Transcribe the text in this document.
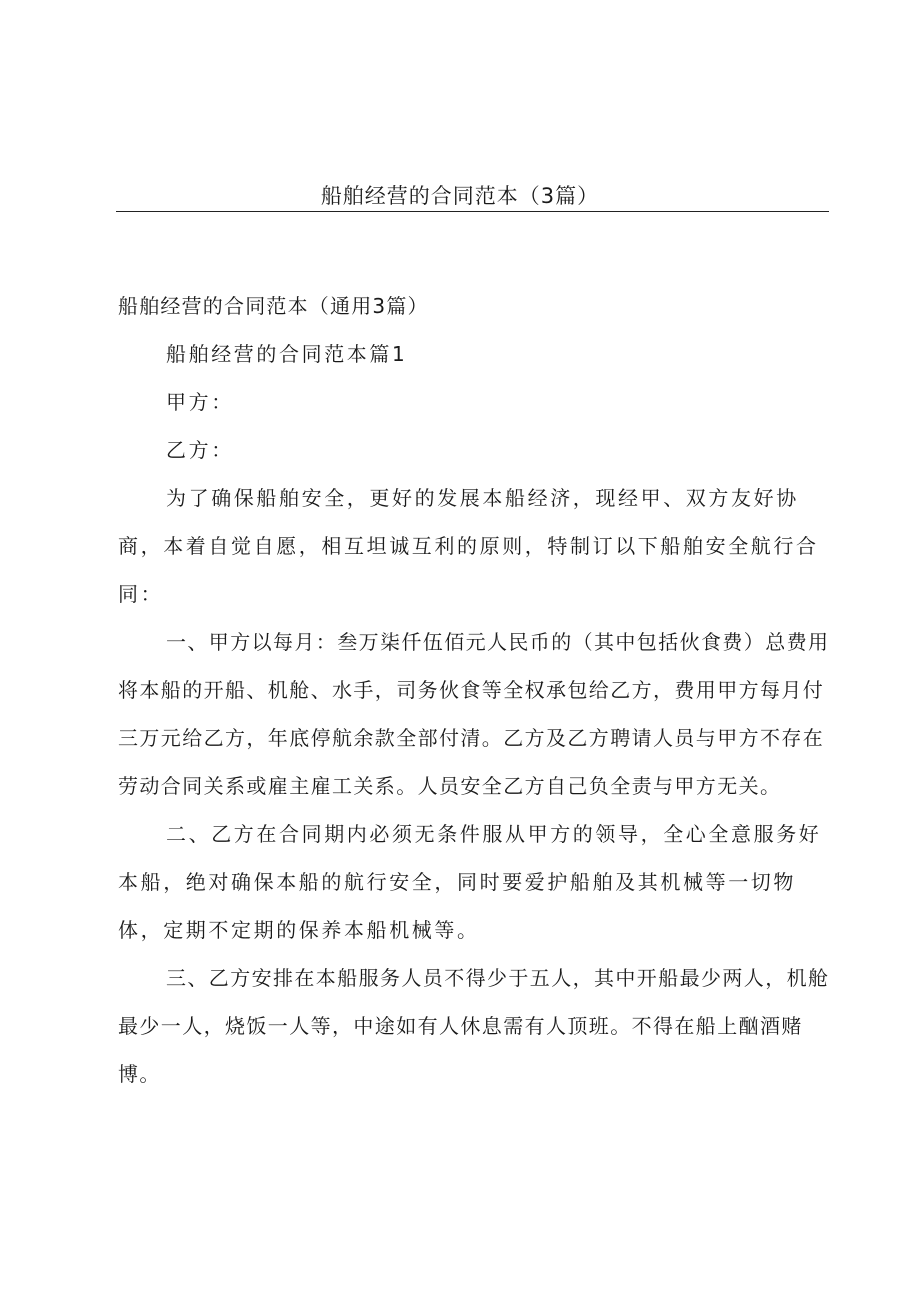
船舶经营的合同范本（3篇）

船舶经营的合同范本（通用3篇）

船舶经营的合同范本篇1

甲方：

乙方：

为了确保船舶安全，更好的发展本船经济，现经甲、双方友好协商，本着自觉自愿，相互坦诚互利的原则，特制订以下船舶安全航行合同：

一、甲方以每月：叁万柒仟伍佰元人民币的（其中包括伙食费）总费用将本船的开船、机舱、水手，司务伙食等全权承包给乙方，费用甲方每月付三万元给乙方，年底停航余款全部付清。乙方及乙方聘请人员与甲方不存在劳动合同关系或雇主雇工关系。人员安全乙方自己负全责与甲方无关。

二、乙方在合同期内必须无条件服从甲方的领导，全心全意服务好本船，绝对确保本船的航行安全，同时要爱护船舶及其机械等一切物体，定期不定期的保养本船机械等。

三、乙方安排在本船服务人员不得少于五人，其中开船最少两人，机舱最少一人，烧饭一人等，中途如有人休息需有人顶班。不得在船上酗酒赌博。
